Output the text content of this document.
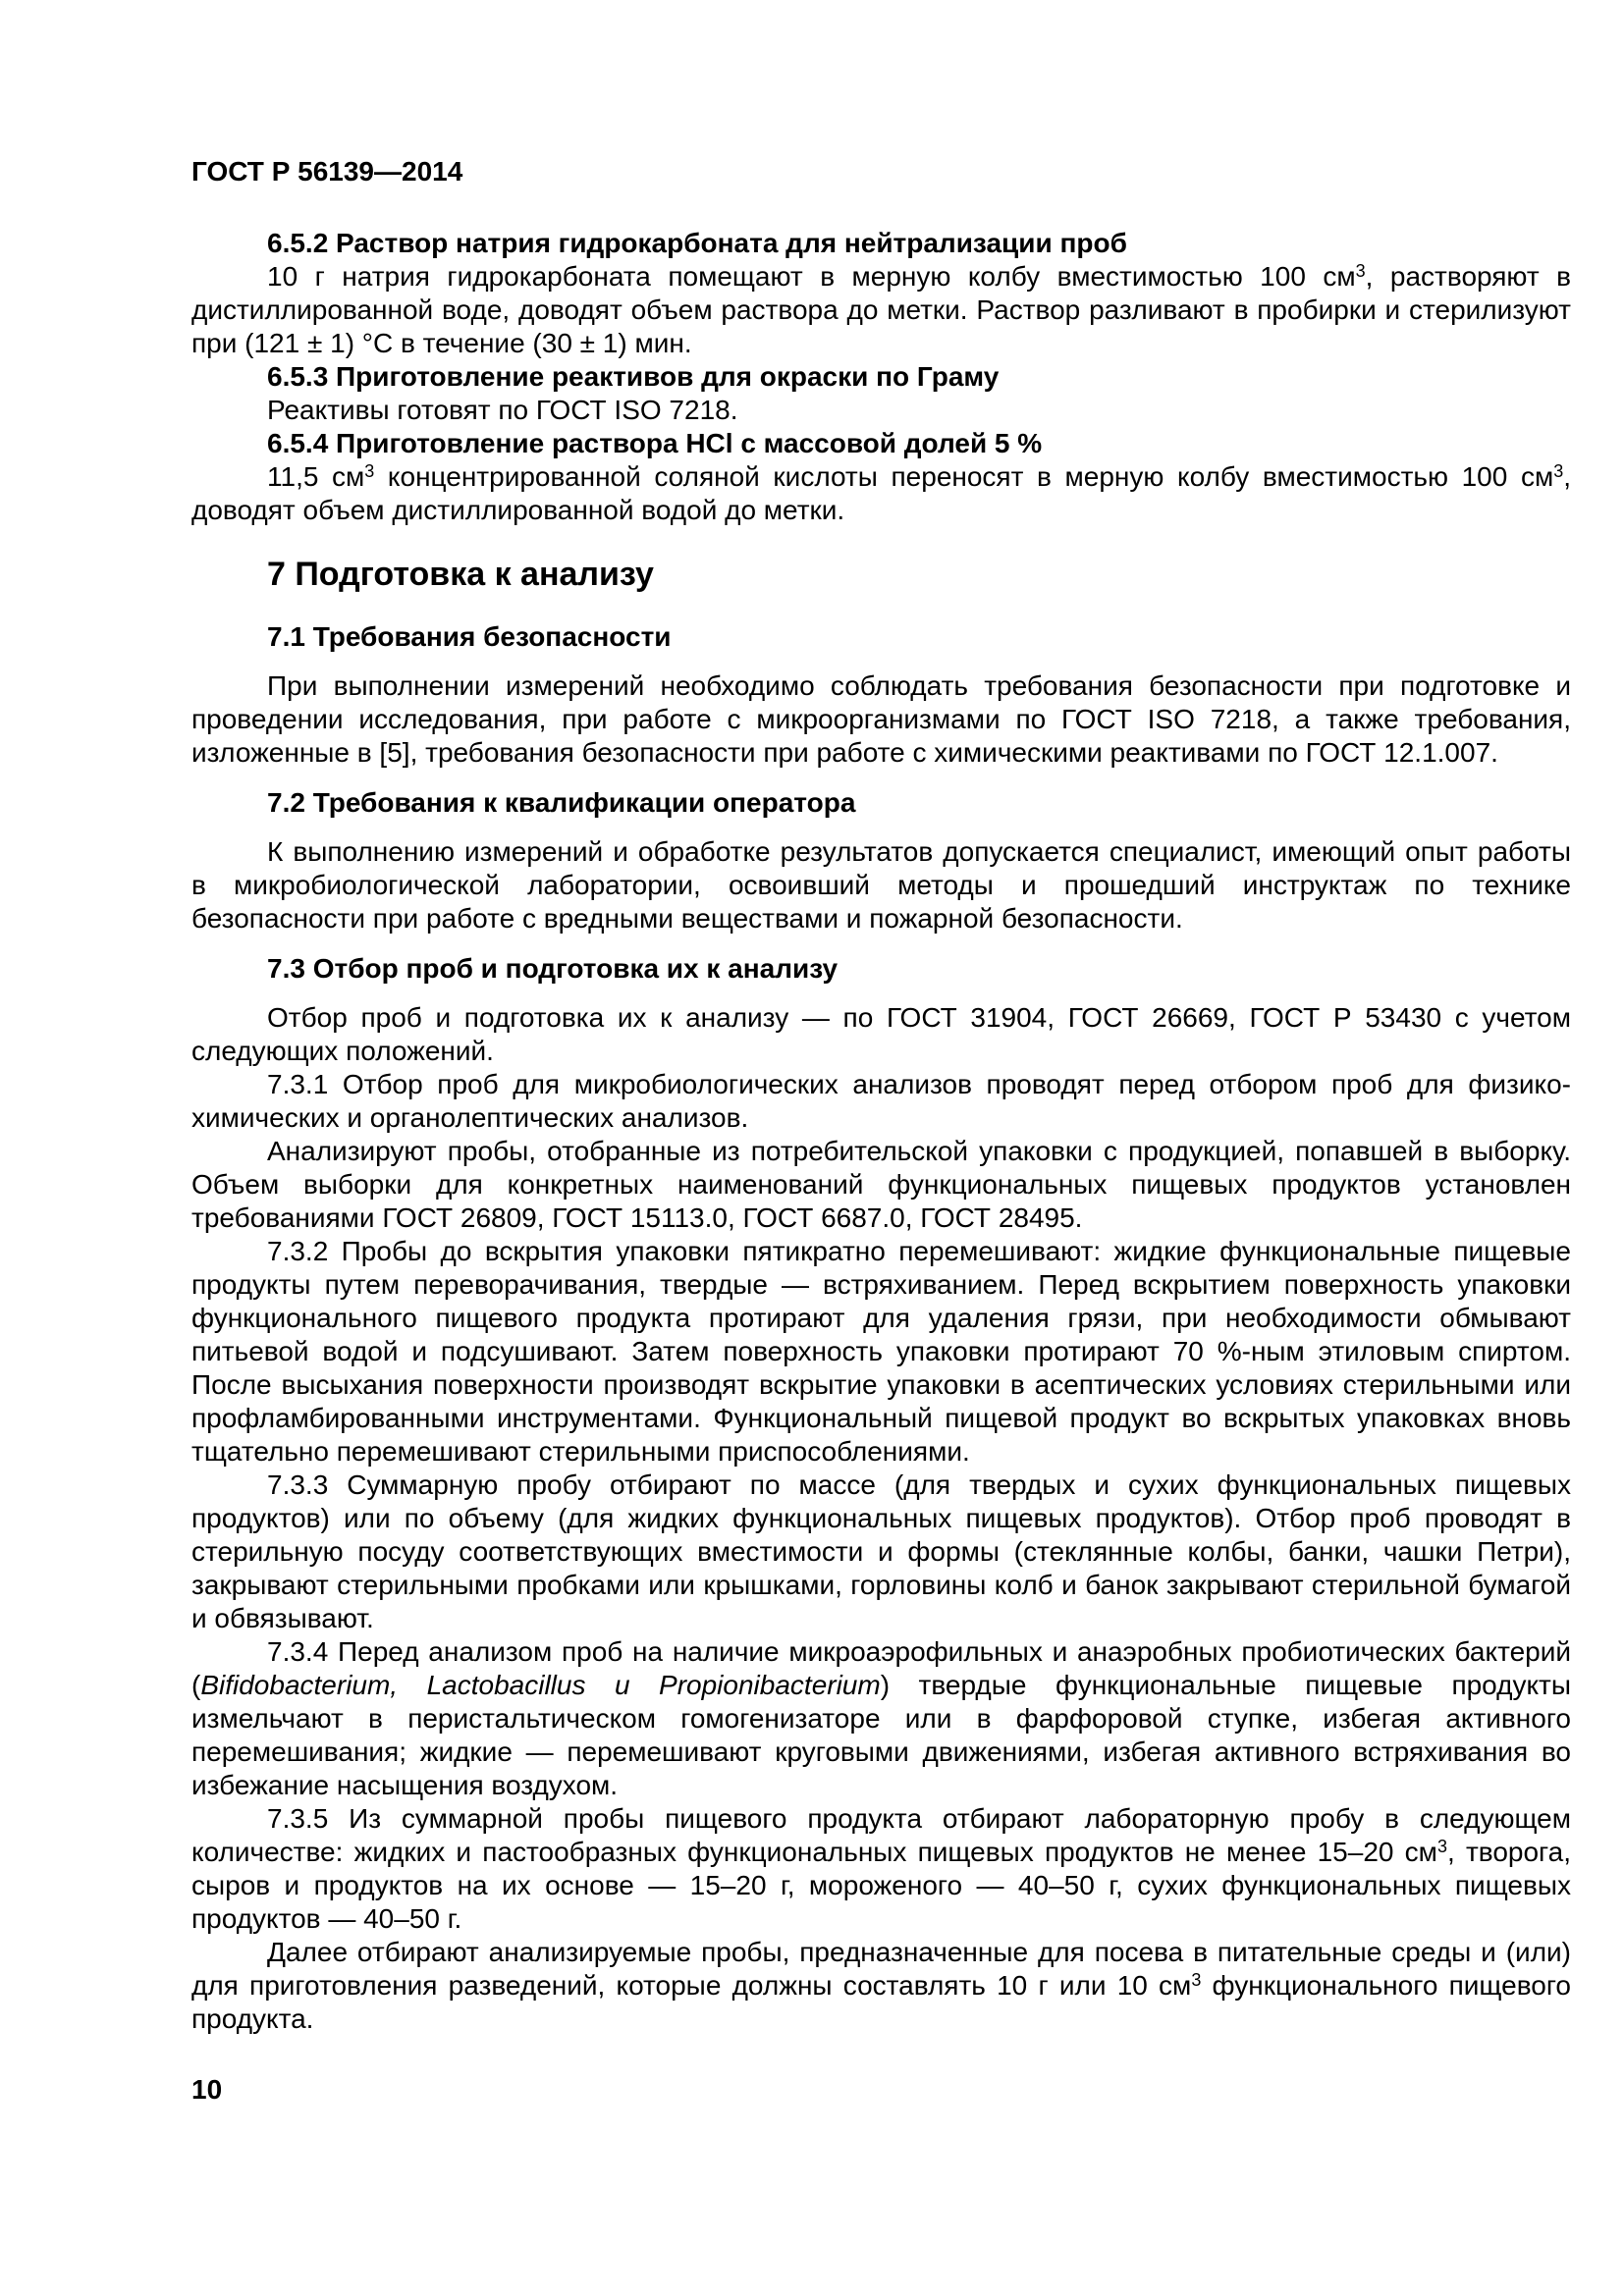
ГОСТ Р 56139—2014
6.5.2 Раствор натрия гидрокарбоната для нейтрализации проб

10 г натрия гидрокарбоната помещают в мерную колбу вместимостью 100 $см^3$, растворяют в дистиллированной воде, доводят объем раствора до метки. Раствор разливают в пробирки и стерилизуют при (121 ± 1) °С в течение (30 ± 1) мин.

6.5.3 Приготовление реактивов для окраски по Граму

Реактивы готовят по ГОСТ ISO 7218.

6.5.4 Приготовление раствора HCl с массовой долей 5 %

11,5 $см^3$ концентрированной соляной кислоты переносят в мерную колбу вместимостью 100 $см^3$, доводят объем дистиллированной водой до метки.

7 Подготовка к анализу
7.1 Требования безопасности

При выполнении измерений необходимо соблюдать требования безопасности при подготовке и проведении исследования, при работе с микроорганизмами по ГОСТ ISO 7218, а также требования, изложенные в [5], требования безопасности при работе с химическими реактивами по ГОСТ 12.1.007.

7.2 Требования к квалификации оператора

К выполнению измерений и обработке результатов допускается специалист, имеющий опыт работы в микробиологической лаборатории, освоивший методы и прошедший инструктаж по технике безопасности при работе с вредными веществами и пожарной безопасности.

7.3 Отбор проб и подготовка их к анализу

Отбор проб и подготовка их к анализу — по ГОСТ 31904, ГОСТ 26669, ГОСТ Р 53430 с учетом следующих положений.

7.3.1 Отбор проб для микробиологических анализов проводят перед отбором проб для физико-химических и органолептических анализов.

Анализируют пробы, отобранные из потребительской упаковки с продукцией, попавшей в выборку. Объем выборки для конкретных наименований функциональных пищевых продуктов установлен требованиями ГОСТ 26809, ГОСТ 15113.0, ГОСТ 6687.0, ГОСТ 28495.

7.3.2 Пробы до вскрытия упаковки пятикратно перемешивают: жидкие функциональные пищевые продукты путем переворачивания, твердые — встряхиванием. Перед вскрытием поверхность упаковки функционального пищевого продукта протирают для удаления грязи, при необходимости обмывают питьевой водой и подсушивают. Затем поверхность упаковки протирают 70 %-ным этиловым спиртом. После высыхания поверхности производят вскрытие упаковки в асептических условиях стерильными или профламбированными инструментами. Функциональный пищевой продукт во вскрытых упаковках вновь тщательно перемешивают стерильными приспособлениями.

7.3.3 Суммарную пробу отбирают по массе (для твердых и сухих функциональных пищевых продуктов) или по объему (для жидких функциональных пищевых продуктов). Отбор проб проводят в стерильную посуду соответствующих вместимости и формы (стеклянные колбы, банки, чашки Петри), закрывают стерильными пробками или крышками, горловины колб и банок закрывают стерильной бумагой и обвязывают.

7.3.4 Перед анализом проб на наличие микроаэрофильных и анаэробных пробиотических бактерий (Bifidobacterium, Lactobacillus и Propionibacterium) твердые функциональные пищевые продукты измельчают в перистальтическом гомогенизаторе или в фарфоровой ступке, избегая активного перемешивания; жидкие — перемешивают круговыми движениями, избегая активного встряхивания во избежание насыщения воздухом.

7.3.5 Из суммарной пробы пищевого продукта отбирают лабораторную пробу в следующем количестве: жидких и пастообразных функциональных пищевых продуктов не менее 15–20 $см^3$, творога, сыров и продуктов на их основе — 15–20 г, мороженого — 40–50 г, сухих функциональных пищевых продуктов — 40–50 г.

Далее отбирают анализируемые пробы, предназначенные для посева в питательные среды и (или) для приготовления разведений, которые должны составлять 10 г или 10 $см^3$ функционального пищевого продукта.

10
